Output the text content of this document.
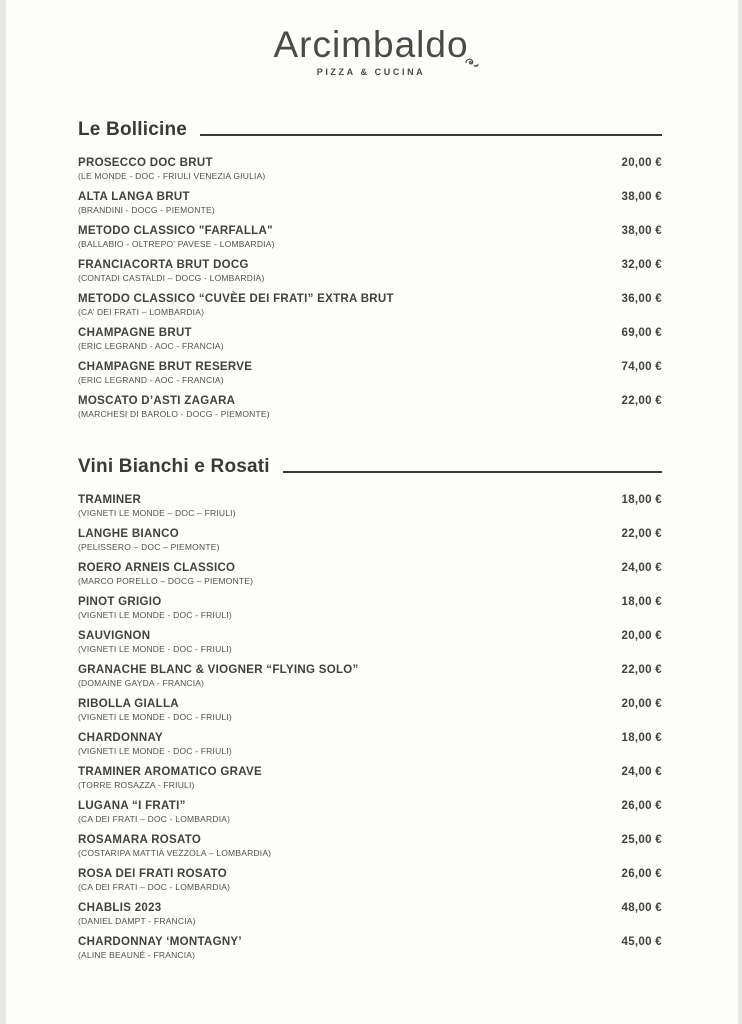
Arcimbaldo
PIZZA & CUCINA
Le Bollicine
PROSECCO DOC BRUT
(LE MONDE - DOC - FRIULI VENEZIA GIULIA)
20,00 €
ALTA LANGA BRUT
(BRANDINI - DOCG - PIEMONTE)
38,00 €
METODO CLASSICO "FARFALLA"
(BALLABIO - OLTREPO’ PAVESE - LOMBARDIA)
38,00 €
FRANCIACORTA BRUT DOCG
(CONTADI CASTALDI – DOCG - LOMBARDIA)
32,00 €
METODO CLASSICO “CUVÈE DEI FRATI” EXTRA BRUT
(CA’ DEI FRATI – LOMBARDIA)
36,00 €
CHAMPAGNE BRUT
(ERIC LEGRAND - AOC - FRANCIA)
69,00 €
CHAMPAGNE BRUT RESERVE
(ERIC LEGRAND - AOC - FRANCIA)
74,00 €
MOSCATO D’ASTI ZAGARA
(MARCHESI DI BAROLO - DOCG - PIEMONTE)
22,00 €
Vini Bianchi e Rosati
TRAMINER
(VIGNETI LE MONDE – DOC – FRIULI)
18,00 €
LANGHE BIANCO
(PELISSERO – DOC – PIEMONTE)
22,00 €
ROERO ARNEIS CLASSICO
(MARCO PORELLO – DOCG – PIEMONTE)
24,00 €
PINOT GRIGIO
(VIGNETI LE MONDE - DOC - FRIULI)
18,00 €
SAUVIGNON
(VIGNETI LE MONDE - DOC - FRIULI)
20,00 €
GRANACHE BLANC & VIOGNER “FLYING SOLO”
(DOMAINE GAYDA - FRANCIA)
22,00 €
RIBOLLA GIALLA
(VIGNETI LE MONDE - DOC - FRIULI)
20,00 €
CHARDONNAY
(VIGNETI LE MONDE - DOC - FRIULI)
18,00 €
TRAMINER AROMATICO GRAVE
(TORRE ROSAZZA - FRIULI)
24,00 €
LUGANA “I FRATI”
(CA DEI FRATI – DOC - LOMBARDIA)
26,00 €
ROSAMARA ROSATO
(COSTARIPA MATTIA VEZZOLA – LOMBARDIA)
25,00 €
ROSA DEI FRATI ROSATO
(CA DEI FRATI – DOC - LOMBARDIA)
26,00 €
CHABLIS 2023
(DANIEL DAMPT - FRANCIA)
48,00 €
CHARDONNAY ‘MONTAGNY’
(ALINE BEAUNÉ - FRANCIA)
45,00 €
